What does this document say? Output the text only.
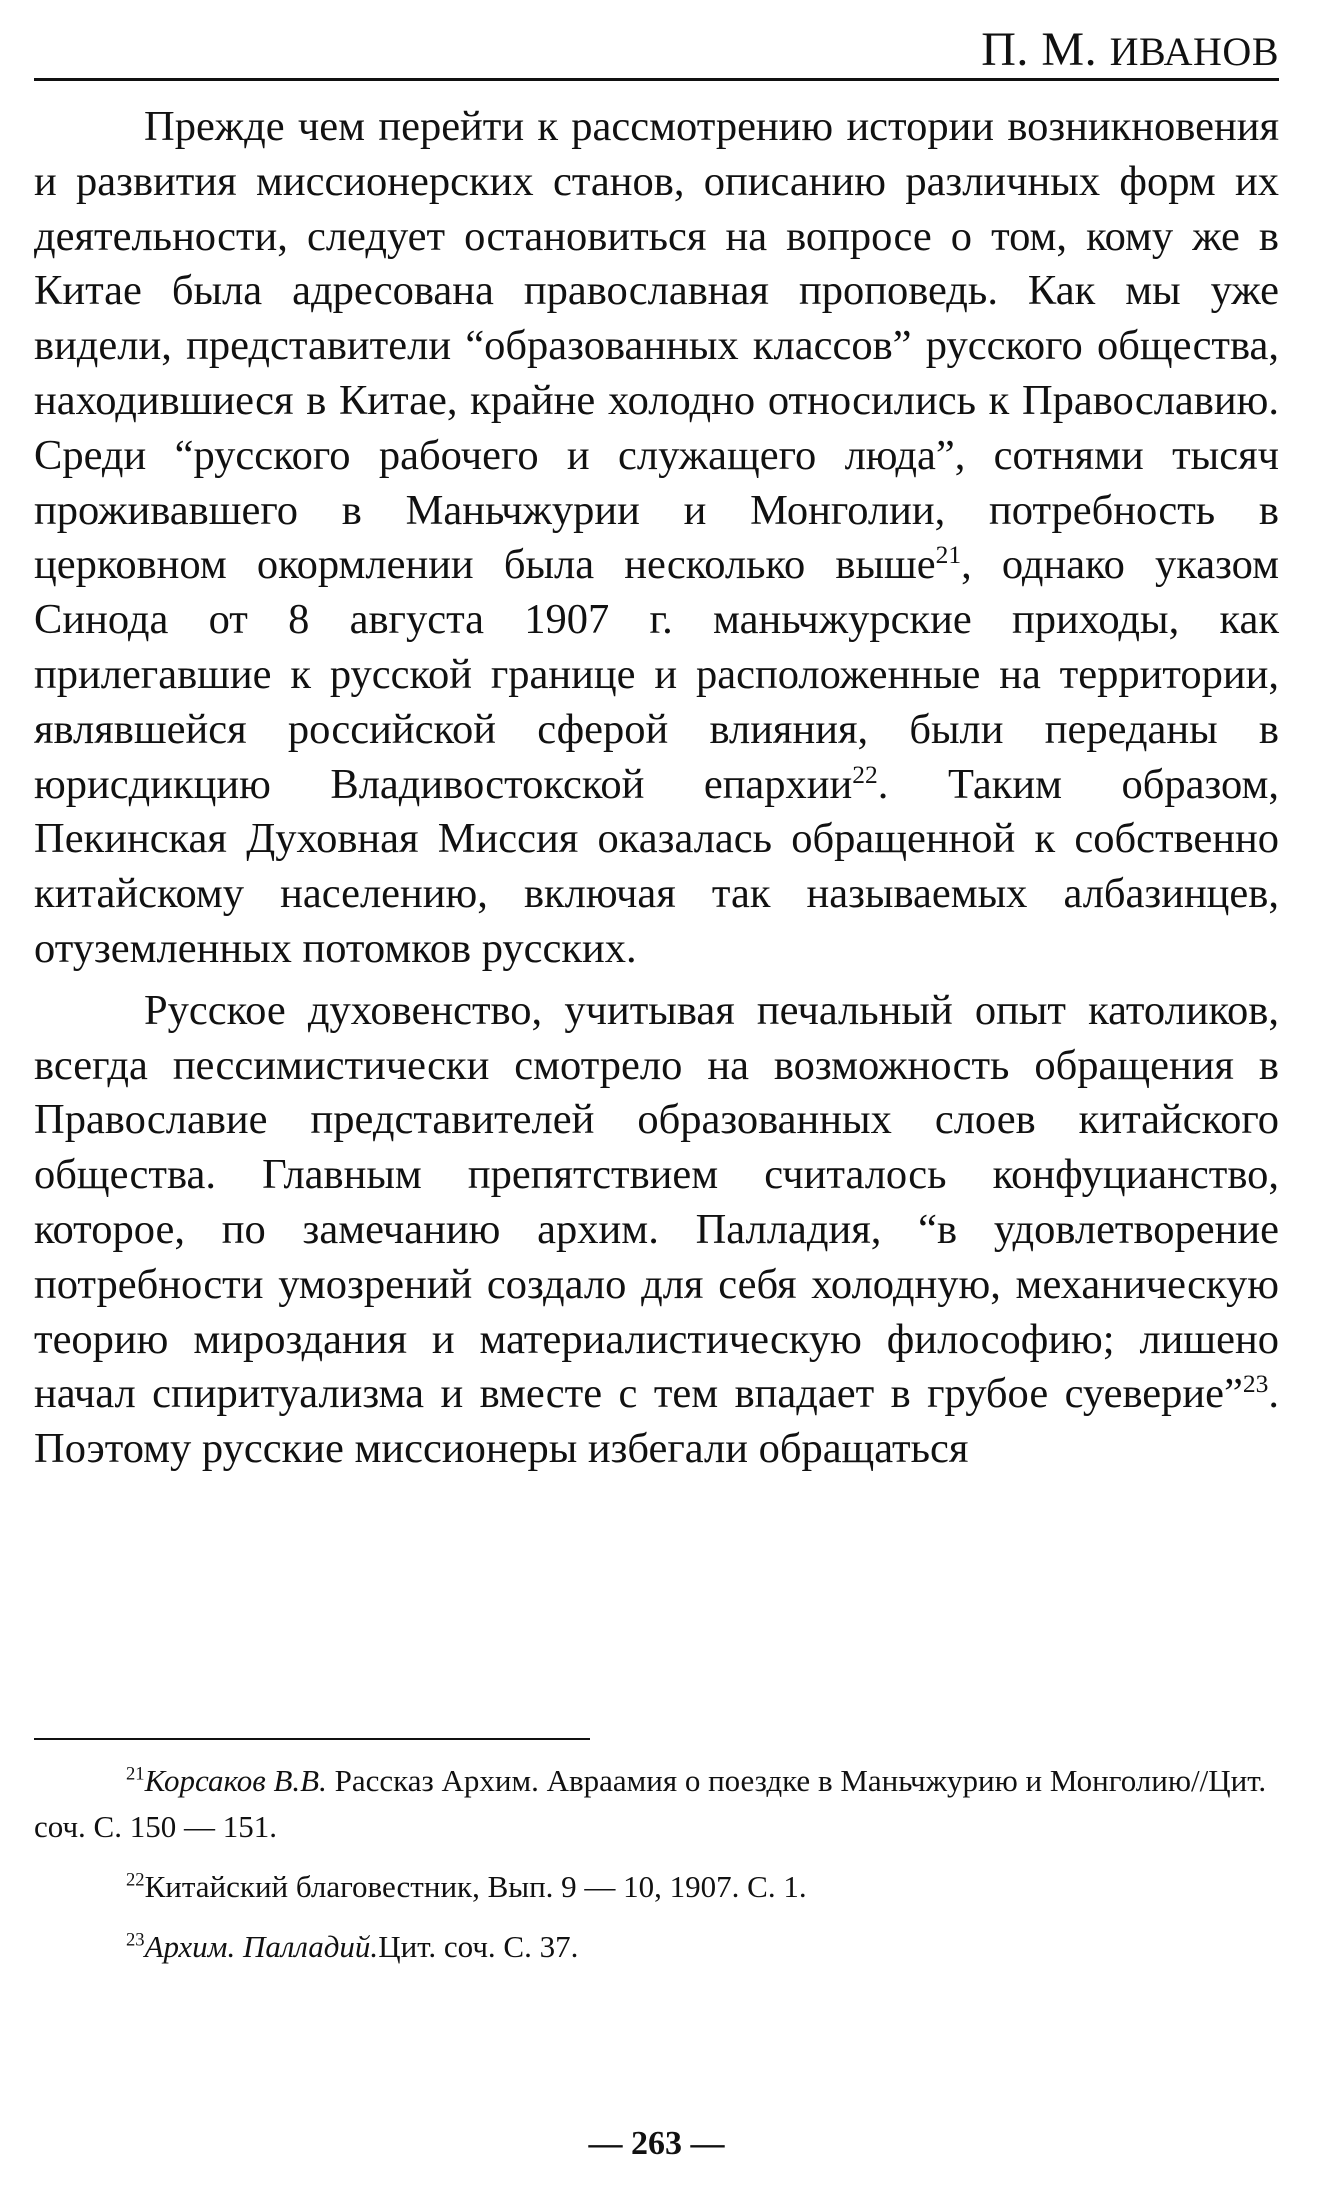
П. М. ИВАНОВ

Прежде чем перейти к рассмотрению истории возникновения и развития миссионерских станов, описанию различных форм их деятельности, следует остановиться на вопросе о том, кому же в Китае была адресована православная проповедь. Как мы уже видели, представители “образованных классов” русского общества, находившиеся в Китае, крайне холодно относились к Православию. Среди “русского рабочего и служащего люда”, сотнями тысяч проживавшего в Маньчжурии и Монголии, потребность в церковном окормлении была несколько выше$^{21}$, однако указом Синода от 8 августа 1907 г. маньчжурские приходы, как прилегавшие к русской границе и расположенные на территории, являвшейся российской сферой влияния, были переданы в юрисдикцию Владивостокской епархии$^{22}$. Таким образом, Пекинская Духовная Миссия оказалась обращенной к собственно китайскому населению, включая так называемых албазинцев, отуземленных потомков русских.

Русское духовенство, учитывая печальный опыт католиков, всегда пессимистически смотрело на возможность обращения в Православие представителей образованных слоев китайского общества. Главным препятствием считалось конфуцианство, которое, по замечанию архим. Палладия, “в удовлетворение потребности умозрений создало для себя холодную, механическую теорию мироздания и материалистическую философию; лишено начал спиритуализма и вместе с тем впадает в грубое суеверие”$^{23}$. Поэтому русские миссионеры избегали обращаться

$^{21}$Корсаков В.В. Рассказ Архим. Авраамия о поездке в Маньчжурию и Монголию//Цит. соч. С. 150 — 151.

$^{22}$Китайский благовестник, Вып. 9 — 10, 1907. С. 1.

$^{23}$Архим. Палладий.Цит. соч. С. 37.

— 263 —
